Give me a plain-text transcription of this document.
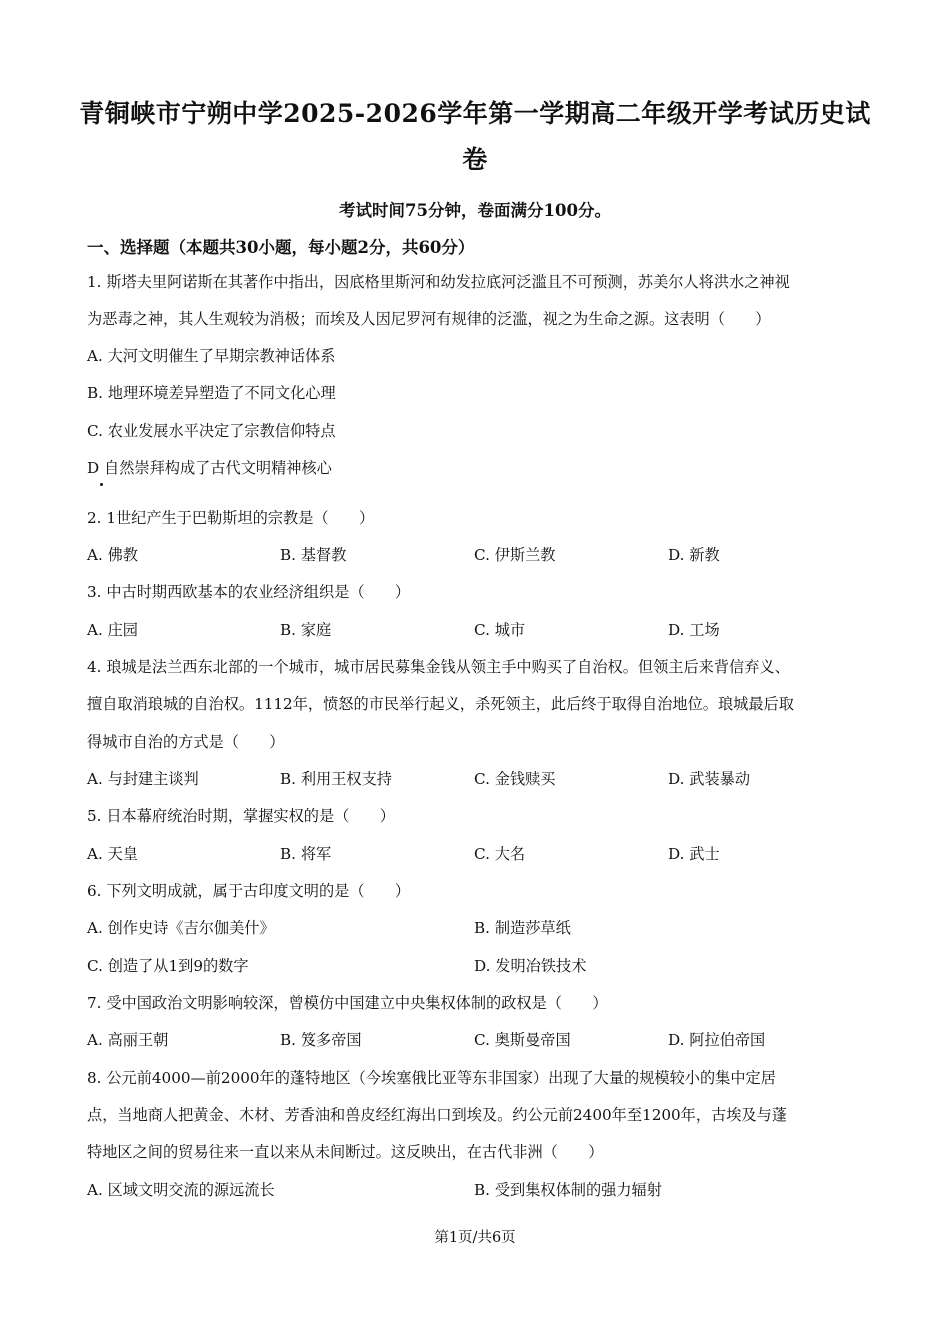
青铜峡市宁朔中学2025-2026学年第一学期高二年级开学考试历史试
卷
考试时间75分钟，卷面满分100分。
一、选择题（本题共30小题，每小题2分，共60分）
1. 斯塔夫里阿诺斯在其著作中指出，因底格里斯河和幼发拉底河泛滥且不可预测，苏美尔人将洪水之神视
为恶毒之神，其人生观较为消极；而埃及人因尼罗河有规律的泛滥，视之为生命之源。这表明（　　）
A. 大河文明催生了早期宗教神话体系
B. 地理环境差异塑造了不同文化心理
C. 农业发展水平决定了宗教信仰特点
D 自然崇拜构成了古代文明精神核心
2. 1世纪产生于巴勒斯坦的宗教是（　　）
A. 佛教	B. 基督教	C. 伊斯兰教	D. 新教
3. 中古时期西欧基本的农业经济组织是（　　）
A. 庄园	B. 家庭	C. 城市	D. 工场
4. 琅城是法兰西东北部的一个城市，城市居民募集金钱从领主手中购买了自治权。但领主后来背信弃义、
擅自取消琅城的自治权。1112年，愤怒的市民举行起义，杀死领主，此后终于取得自治地位。琅城最后取
得城市自治的方式是（　　）
A. 与封建主谈判	B. 利用王权支持	C. 金钱赎买	D. 武装暴动
5. 日本幕府统治时期，掌握实权的是（　　）
A. 天皇	B. 将军	C. 大名	D. 武士
6. 下列文明成就，属于古印度文明的是（　　）
A. 创作史诗《吉尔伽美什》	B. 制造莎草纸
C. 创造了从1到9的数字	D. 发明冶铁技术
7. 受中国政治文明影响较深，曾模仿中国建立中央集权体制的政权是（　　）
A. 高丽王朝	B. 笈多帝国	C. 奥斯曼帝国	D. 阿拉伯帝国
8. 公元前4000—前2000年的蓬特地区（今埃塞俄比亚等东非国家）出现了大量的规模较小的集中定居
点，当地商人把黄金、木材、芳香油和兽皮经红海出口到埃及。约公元前2400年至1200年，古埃及与蓬
特地区之间的贸易往来一直以来从未间断过。这反映出，在古代非洲（　　）
A. 区域文明交流的源远流长	B. 受到集权体制的强力辐射
第1页/共6页
